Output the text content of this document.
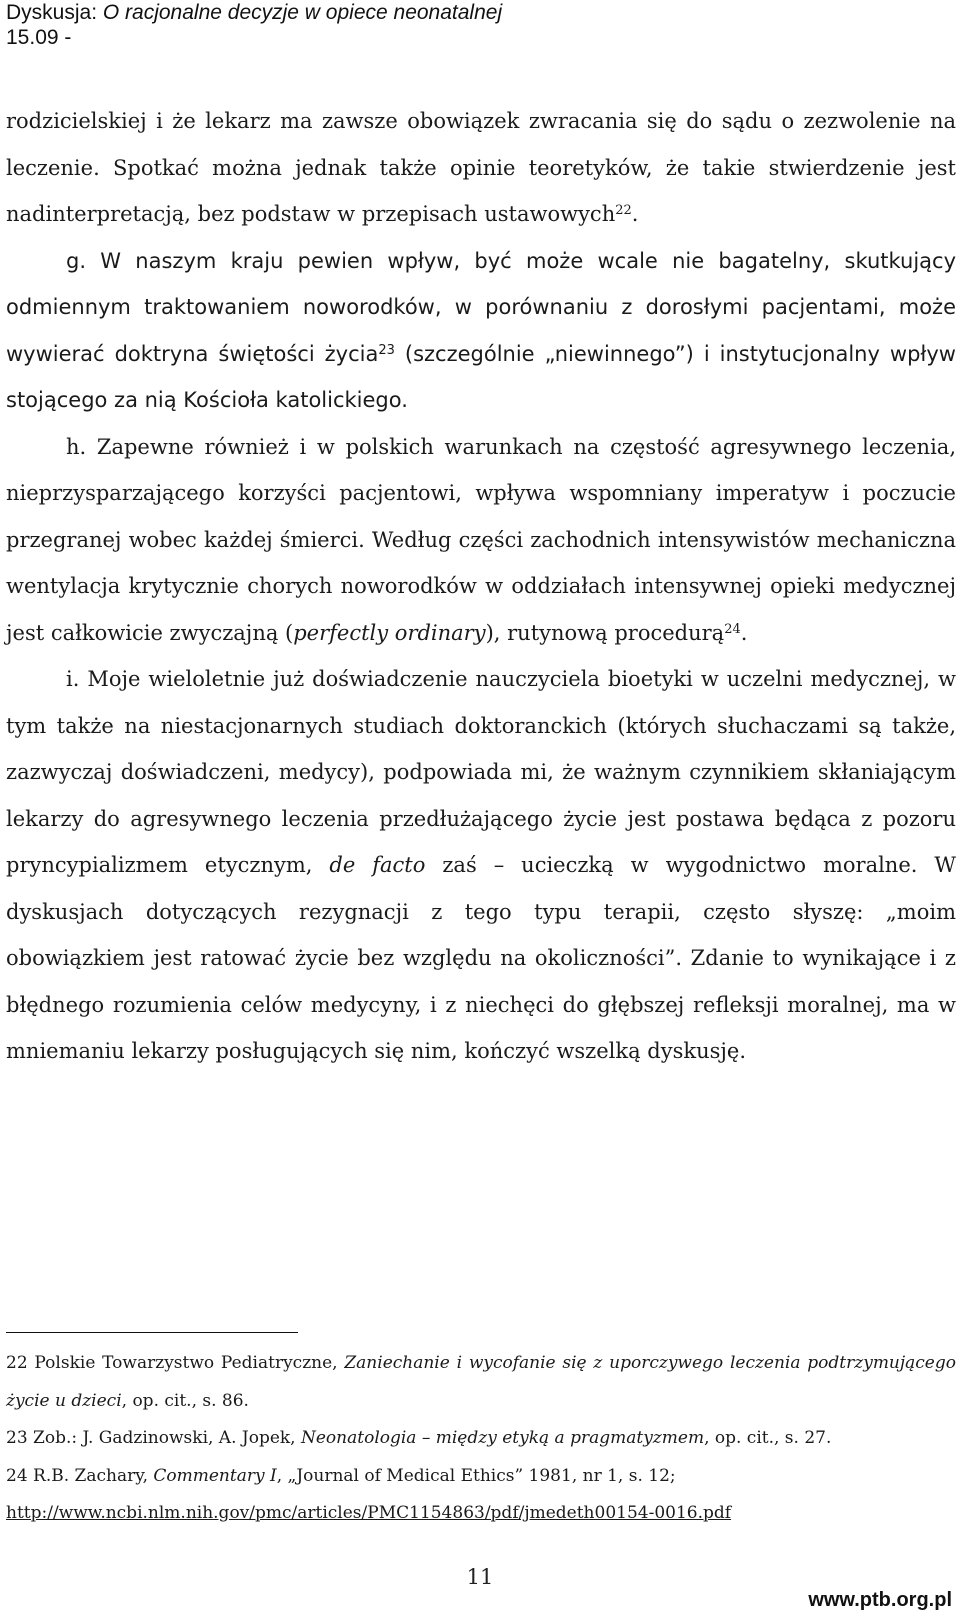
Dyskusja: O racjonalne decyzje w opiece neonatalnej
15.09 -

rodzicielskiej i że lekarz ma zawsze obowiązek zwracania się do sądu o zezwolenie na leczenie. Spotkać można jednak także opinie teoretyków, że takie stwierdzenie jest nadinterpretacją, bez podstaw w przepisach ustawowych$^{22}$.

g. W naszym kraju pewien wpływ, być może wcale nie bagatelny, skutkujący odmiennym traktowaniem noworodków, w porównaniu z dorosłymi pacjentami, może wywierać doktryna świętości życia$^{23}$ (szczególnie „niewinnego”) i instytucjonalny wpływ stojącego za nią Kościoła katolickiego.

h. Zapewne również i w polskich warunkach na częstość agresywnego leczenia, nieprzysparzającego korzyści pacjentowi, wpływa wspomniany imperatyw i poczucie przegranej wobec każdej śmierci. Według części zachodnich intensywistów mechaniczna wentylacja krytycznie chorych noworodków w oddziałach intensywnej opieki medycznej jest całkowicie zwyczajną (perfectly ordinary), rutynową procedurą$^{24}$.

i. Moje wieloletnie już doświadczenie nauczyciela bioetyki w uczelni medycznej, w tym także na niestacjonarnych studiach doktoranckich (których słuchaczami są także, zazwyczaj doświadczeni, medycy), podpowiada mi, że ważnym czynnikiem skłaniającym lekarzy do agresywnego leczenia przedłużającego życie jest postawa będąca z pozoru pryncypializmem etycznym, de facto zaś – ucieczką w wygodnictwo moralne. W dyskusjach dotyczących rezygnacji z tego typu terapii, często słyszę: „moim obowiązkiem jest ratować życie bez względu na okoliczności”. Zdanie to wynikające i z błędnego rozumienia celów medycyny, i z niechęci do głębszej refleksji moralnej, ma w mniemaniu lekarzy posługujących się nim, kończyć wszelką dyskusję.

22 Polskie Towarzystwo Pediatryczne, Zaniechanie i wycofanie się z uporczywego leczenia podtrzymującego życie u dzieci, op. cit., s. 86.

23 Zob.: J. Gadzinowski, A. Jopek, Neonatologia – między etyką a pragmatyzmem, op. cit., s. 27.

24 R.B. Zachary, Commentary I, „Journal of Medical Ethics” 1981, nr 1, s. 12;

http://www.ncbi.nlm.nih.gov/pmc/articles/PMC1154863/pdf/jmedeth00154-0016.pdf

11
www.ptb.org.pl
